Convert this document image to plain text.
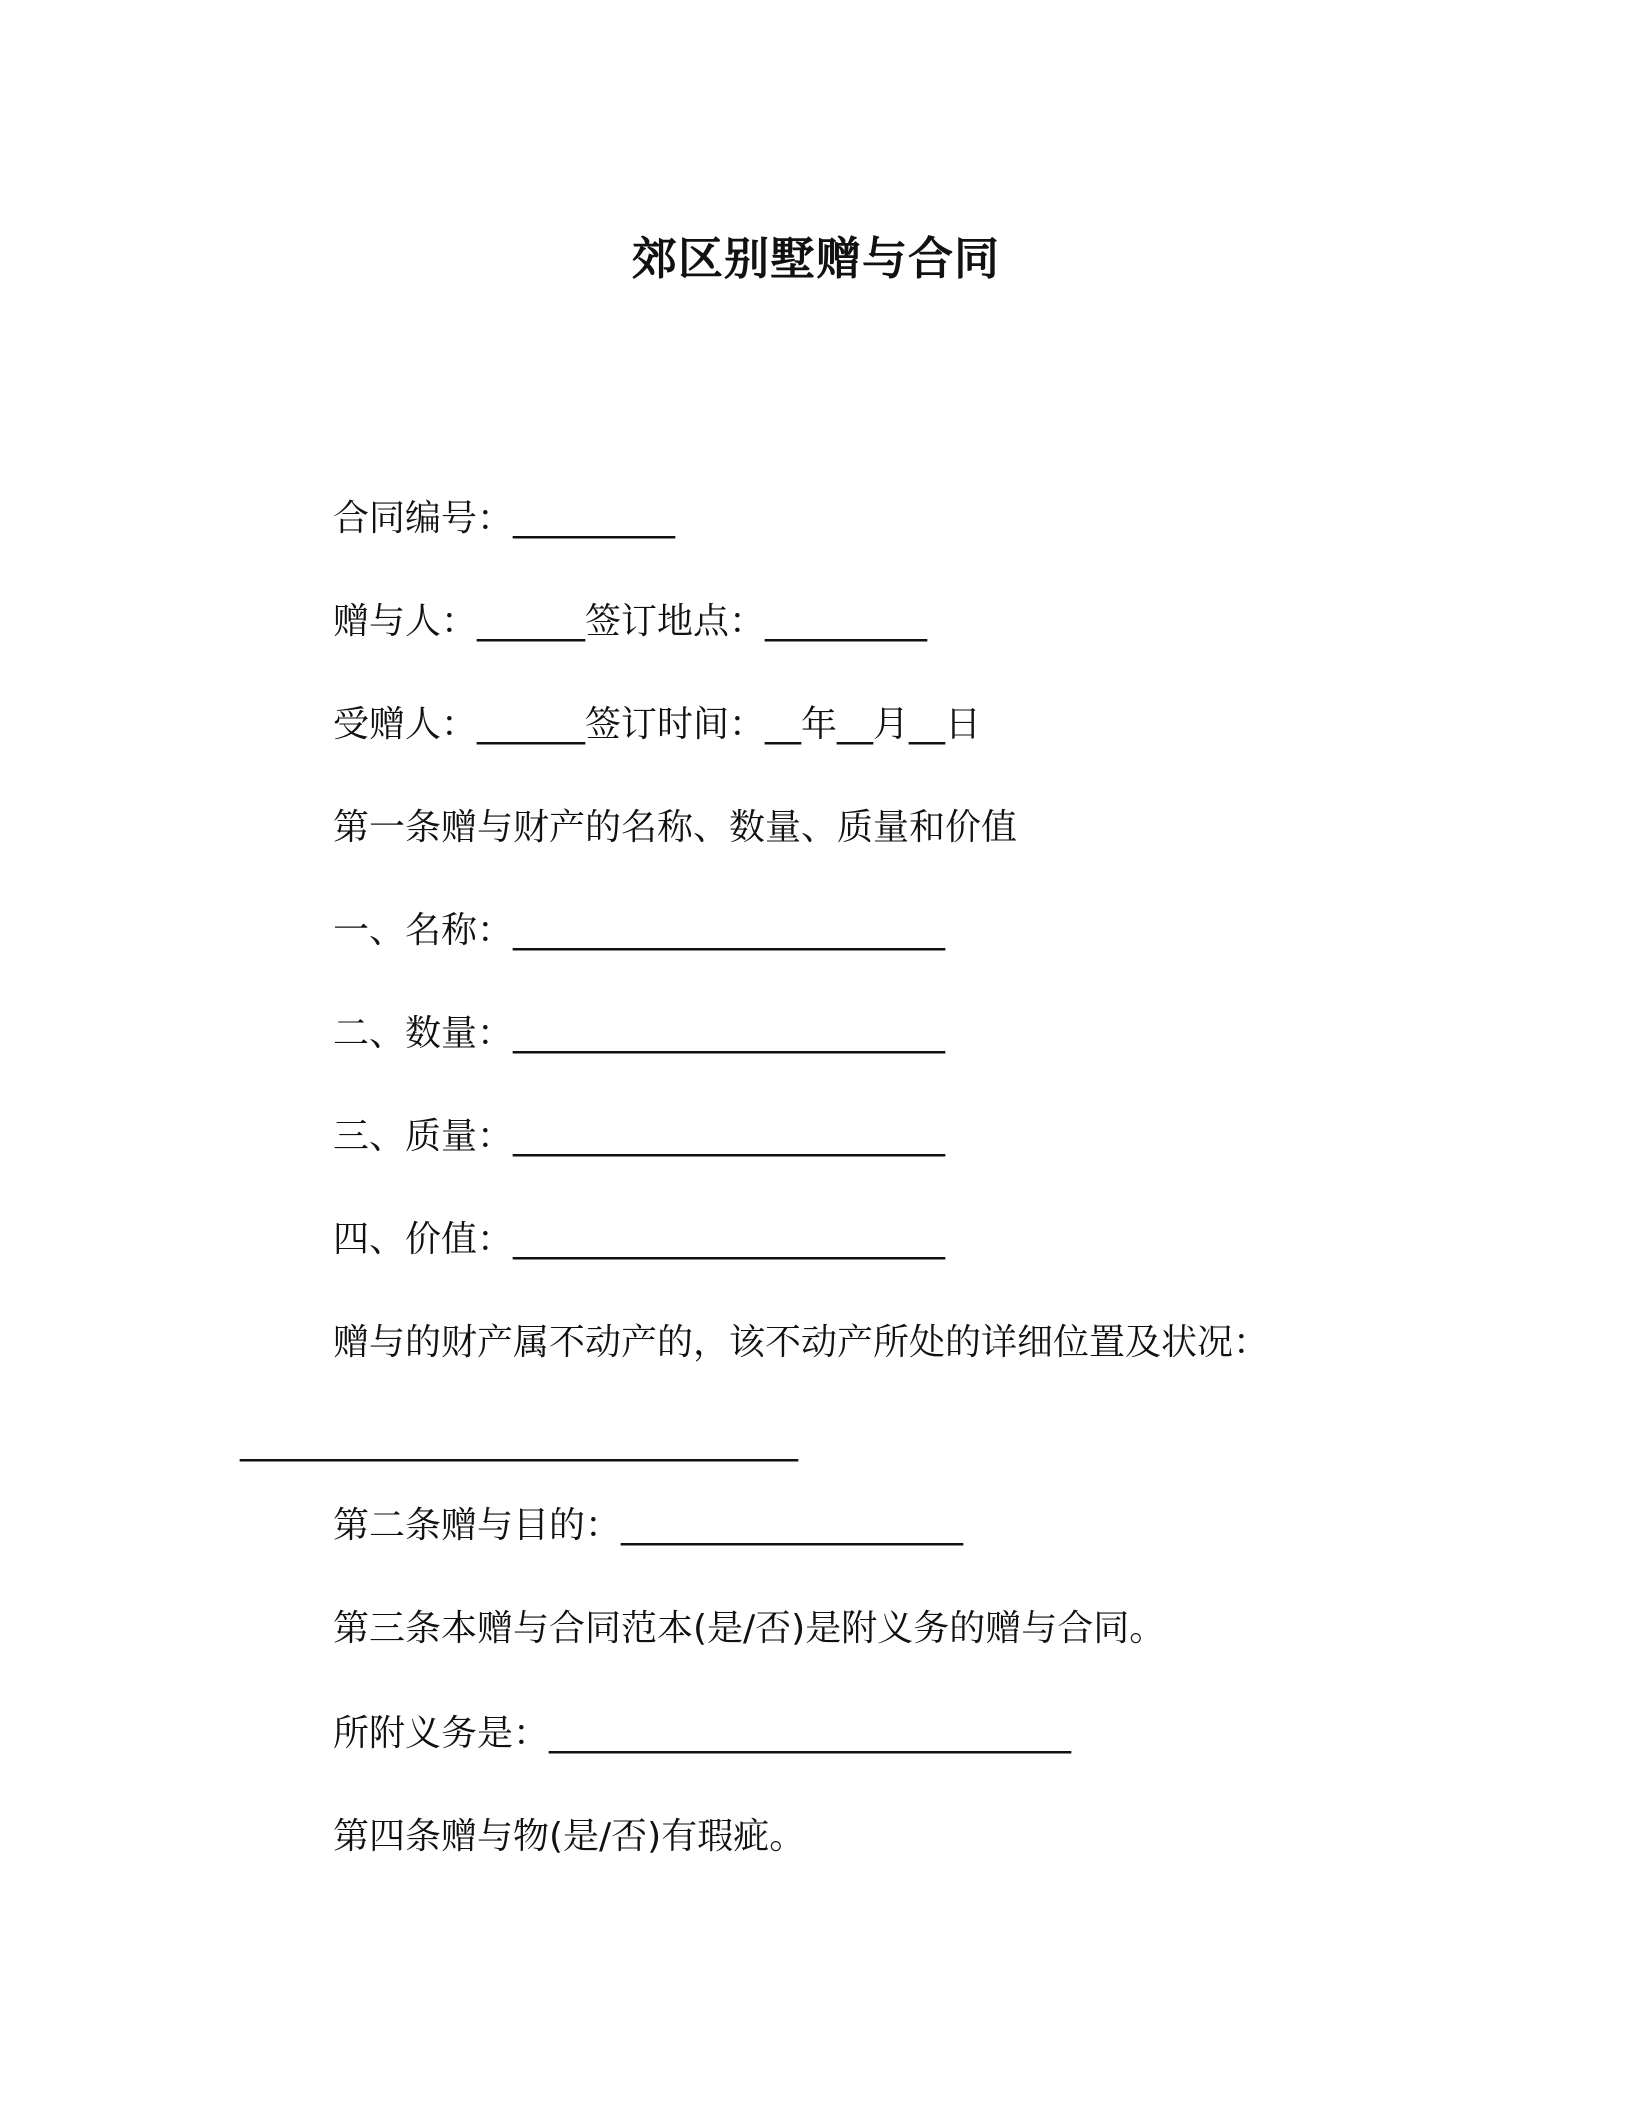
郊区别墅赠与合同
合同编号：_________
赠与人：______签订地点：_________
受赠人：______签订时间：__年__月__日
第一条赠与财产的名称、数量、质量和价值
一、名称：________________________
二、数量：________________________
三、质量：________________________
四、价值：________________________
赠与的财产属不动产的，该不动产所处的详细位置及状况：
_______________________________
第二条赠与目的：___________________
第三条本赠与合同范本(是/否)是附义务的赠与合同。
所附义务是：_____________________________
第四条赠与物(是/否)有瑕疵。
